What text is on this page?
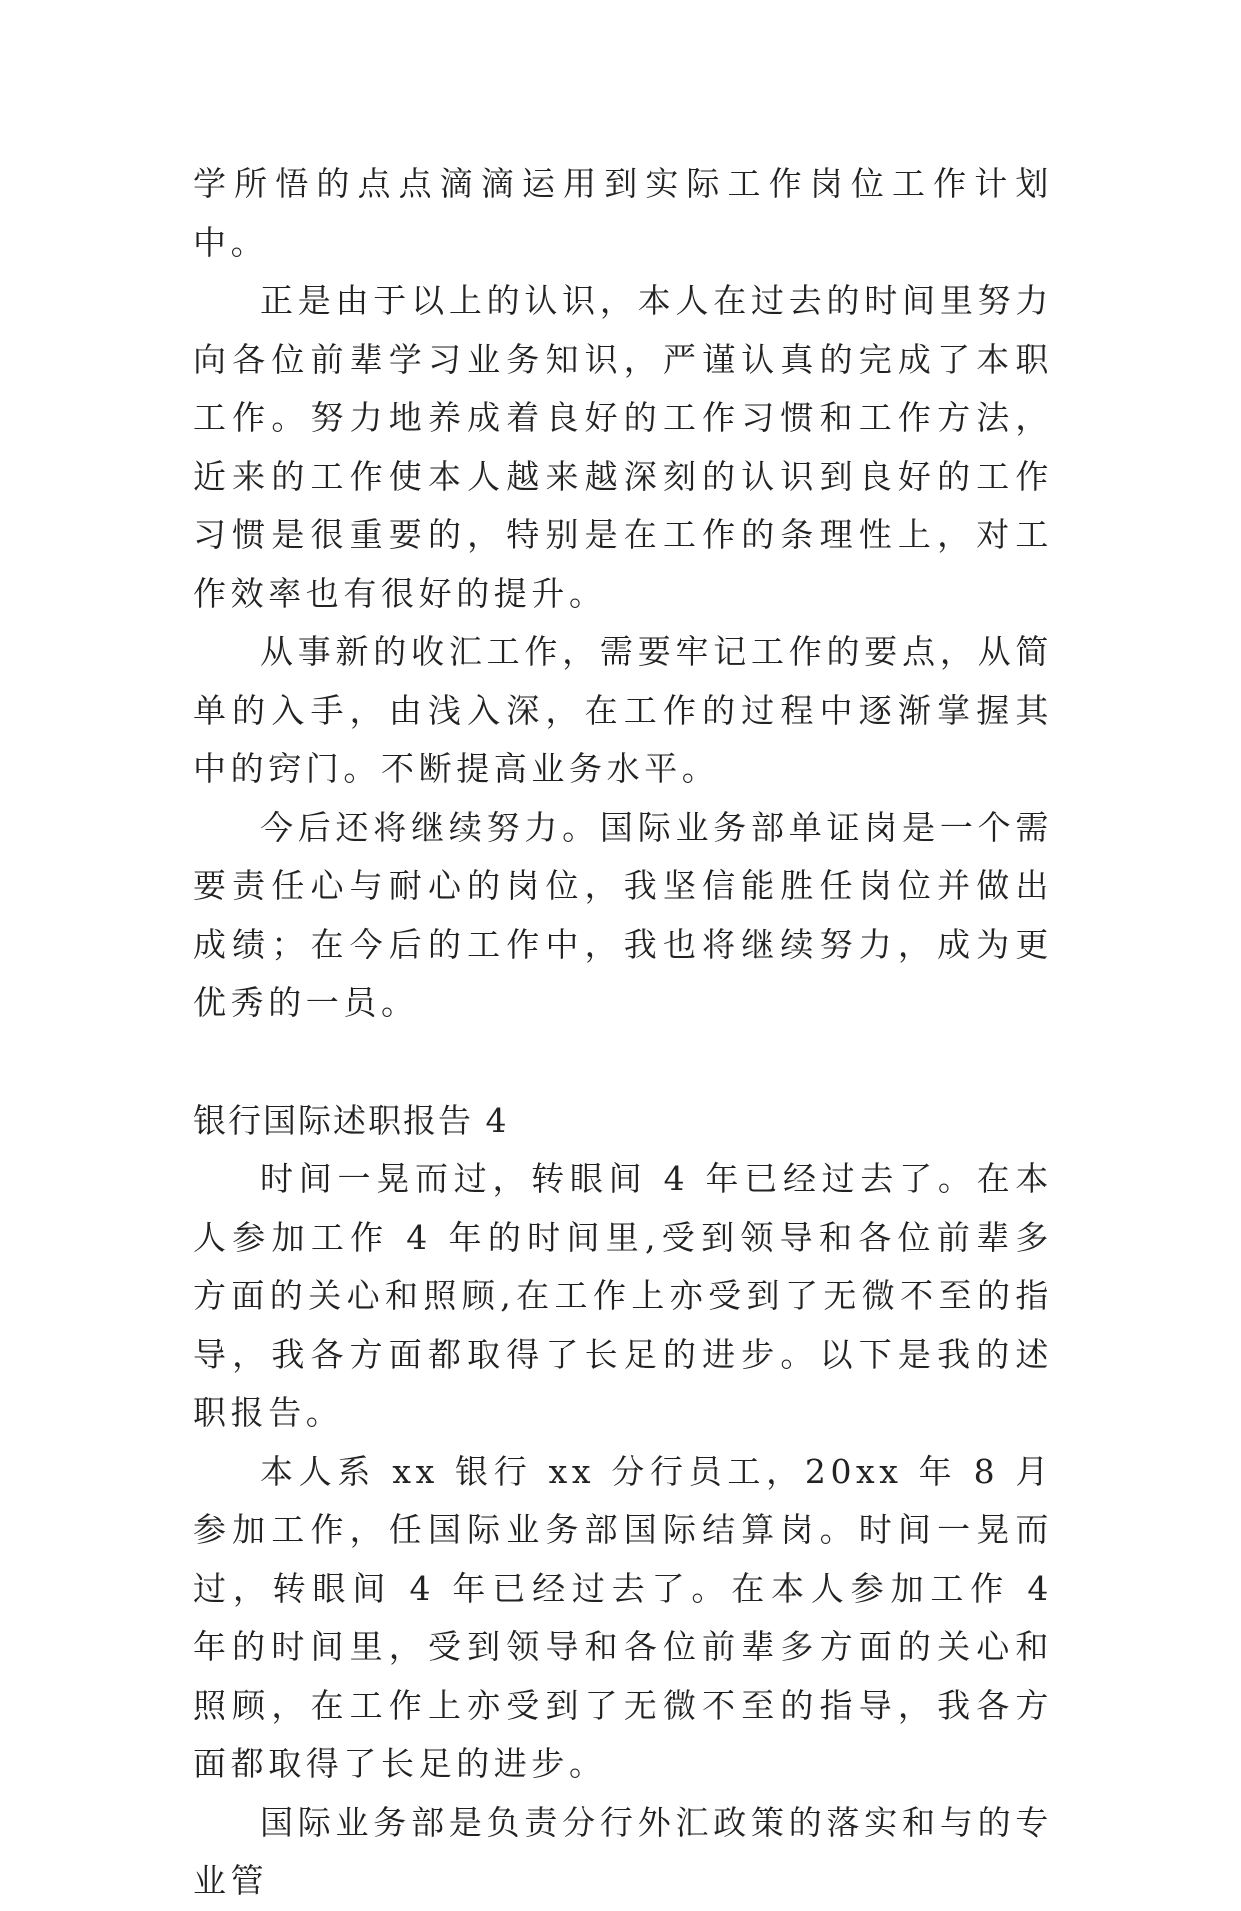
学所悟的点点滴滴运用到实际工作岗位工作计划中。

正是由于以上的认识，本人在过去的时间里努力向各位前辈学习业务知识，严谨认真的完成了本职工作。努力地养成着良好的工作习惯和工作方法，近来的工作使本人越来越深刻的认识到良好的工作习惯是很重要的，特别是在工作的条理性上，对工作效率也有很好的提升。

从事新的收汇工作，需要牢记工作的要点，从简单的入手，由浅入深，在工作的过程中逐渐掌握其中的窍门。不断提高业务水平。

今后还将继续努力。国际业务部单证岗是一个需要责任心与耐心的岗位，我坚信能胜任岗位并做出成绩；在今后的工作中，我也将继续努力，成为更优秀的一员。

银行国际述职报告 4

时间一晃而过，转眼间 4 年已经过去了。在本人参加工作 4 年的时间里,受到领导和各位前辈多方面的关心和照顾,在工作上亦受到了无微不至的指导，我各方面都取得了长足的进步。以下是我的述职报告。

本人系 xx 银行 xx 分行员工，20xx 年 8 月参加工作，任国际业务部国际结算岗。时间一晃而过，转眼间 4 年已经过去了。在本人参加工作 4 年的时间里，受到领导和各位前辈多方面的关心和照顾，在工作上亦受到了无微不至的指导，我各方面都取得了长足的进步。

国际业务部是负责分行外汇政策的落实和与的专业管
